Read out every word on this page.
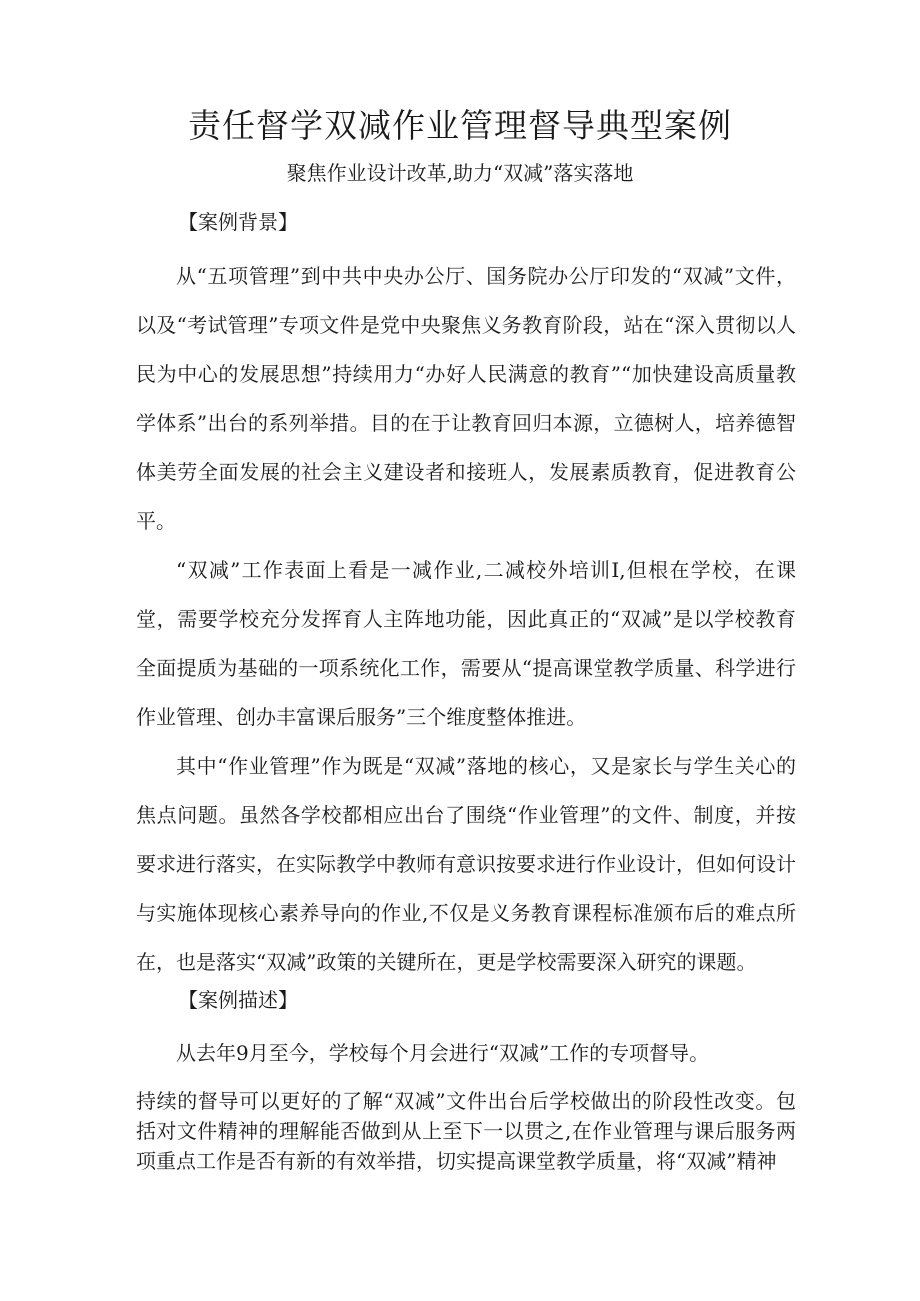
责任督学双减作业管理督导典型案例
聚焦作业设计改革,助力“双减”落实落地
【案例背景】

从“五项管理”到中共中央办公厅、国务院办公厅印发的“双减”文件，以及“考试管理”专项文件是党中央聚焦义务教育阶段，站在“深入贯彻以人民为中心的发展思想”持续用力“办好人民满意的教育”“加快建设高质量教学体系”出台的系列举措。目的在于让教育回归本源，立德树人，培养德智体美劳全面发展的社会主义建设者和接班人，发展素质教育，促进教育公平。

“双减”工作表面上看是一减作业,二减校外培训I,但根在学校，在课堂，需要学校充分发挥育人主阵地功能，因此真正的“双减”是以学校教育全面提质为基础的一项系统化工作，需要从“提高课堂教学质量、科学进行作业管理、创办丰富课后服务”三个维度整体推进。

其中“作业管理”作为既是“双减”落地的核心，又是家长与学生关心的焦点问题。虽然各学校都相应出台了围绕“作业管理”的文件、制度，并按要求进行落实，在实际教学中教师有意识按要求进行作业设计，但如何设计与实施体现核心素养导向的作业,不仅是义务教育课程标准颁布后的难点所在，也是落实“双减”政策的关键所在，更是学校需要深入研究的课题。

【案例描述】

从去年9月至今，学校每个月会进行“双减”工作的专项督导。

持续的督导可以更好的了解“双减”文件出台后学校做出的阶段性改变。包括对文件精神的理解能否做到从上至下一以贯之,在作业管理与课后服务两项重点工作是否有新的有效举措，切实提高课堂教学质量，将“双减”精神
